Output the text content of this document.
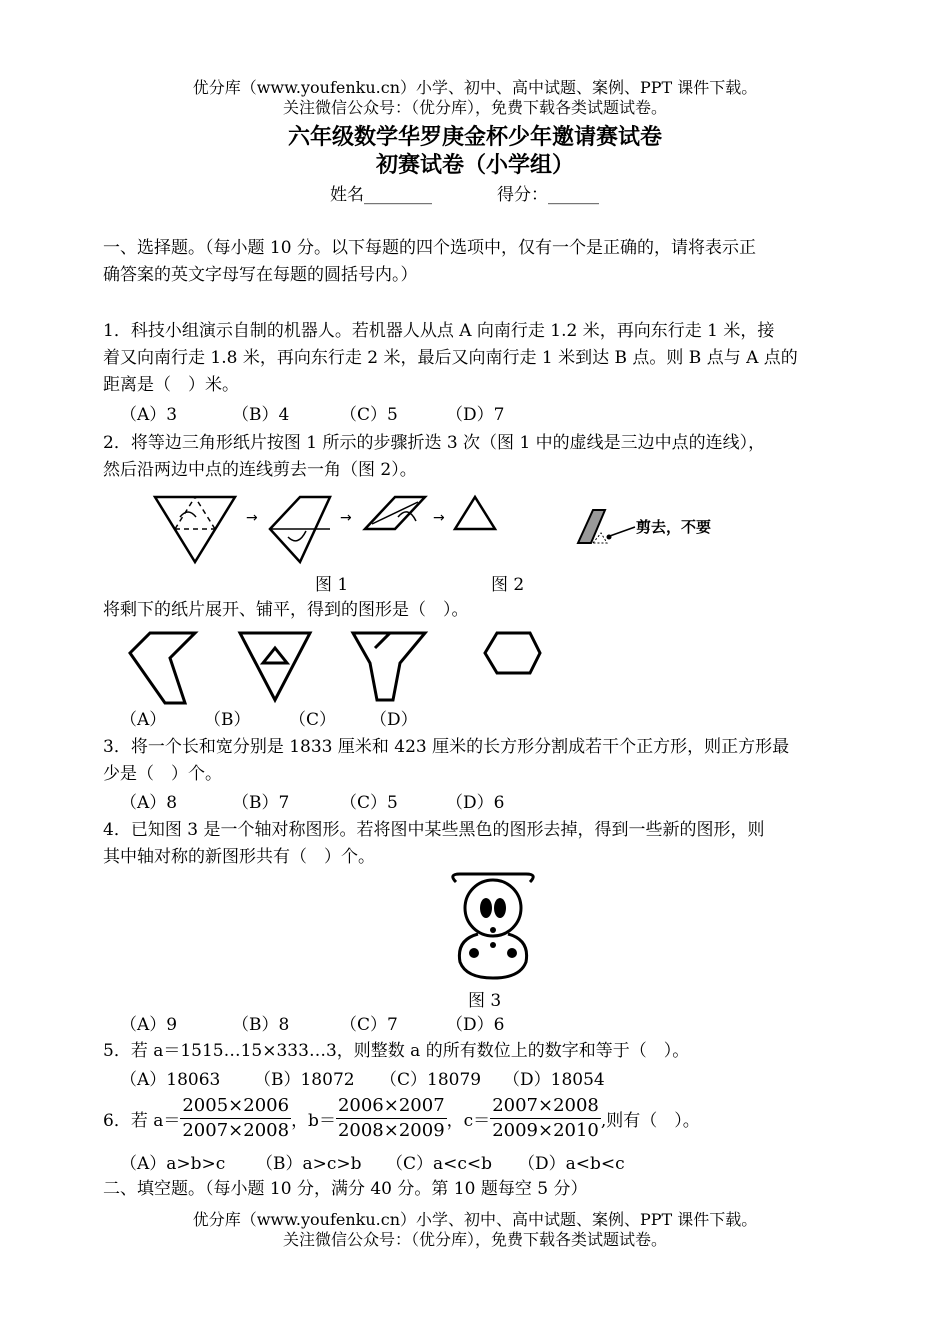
优分库（www.youfenku.cn）小学、初中、高中试题、案例、PPT 课件下载。
关注微信公众号：（优分库），免费下载各类试题试卷。
六年级数学华罗庚金杯少年邀请赛试卷
初赛试卷（小学组）
姓名________	得分：______
一、选择题。（每小题 10 分。以下每题的四个选项中，仅有一个是正确的，请将表示正
确答案的英文字母写在每题的圆括号内。）
1．科技小组演示自制的机器人。若机器人从点 A 向南行走 1.2 米，再向东行走 1 米，接
着又向南行走 1.8 米，再向东行走 2 米，最后又向南行走 1 米到达 B 点。则 B 点与 A 点的
距离是（　）米。
（A）3	（B）4	（C）5	（D）7
2．将等边三角形纸片按图 1 所示的步骤折迭 3 次（图 1 中的虚线是三边中点的连线），
然后沿两边中点的连线剪去一角（图 2）。
→	→	→	剪去，不要
图 1	图 2
将剩下的纸片展开、铺平，得到的图形是（　）。
（A） （B） （C） （D）
3．将一个长和宽分别是 1833 厘米和 423 厘米的长方形分割成若干个正方形，则正方形最
少是（　）个。
（A）8	（B）7	（C）5	（D）6
4．已知图 3 是一个轴对称图形。若将图中某些黑色的图形去掉，得到一些新的图形，则
其中轴对称的新图形共有（　）个。
图 3
（A）9	（B）8	（C）7	（D）6
5．若 a＝1515…15×333…3，则整数 a 的所有数位上的数字和等于（　）。
（A）18063 （B）18072 （C）18079 （D）18054
6．若 $a= \frac{2005\times 2006}{2007\times 2008}$ ，$b= \frac{2006\times 2007}{2008\times 2009}$ ，$c= \frac{2007\times 2008}{2009\times 2010}$ ,则有（　）。
（A）a>b>c （B）a>c>b （C）a<c<b （D）a<b<c
二、填空题。（每小题 10 分，满分 40 分。第 10 题每空 5 分）
优分库（www.youfenku.cn）小学、初中、高中试题、案例、PPT 课件下载。
关注微信公众号：（优分库），免费下载各类试题试卷。
